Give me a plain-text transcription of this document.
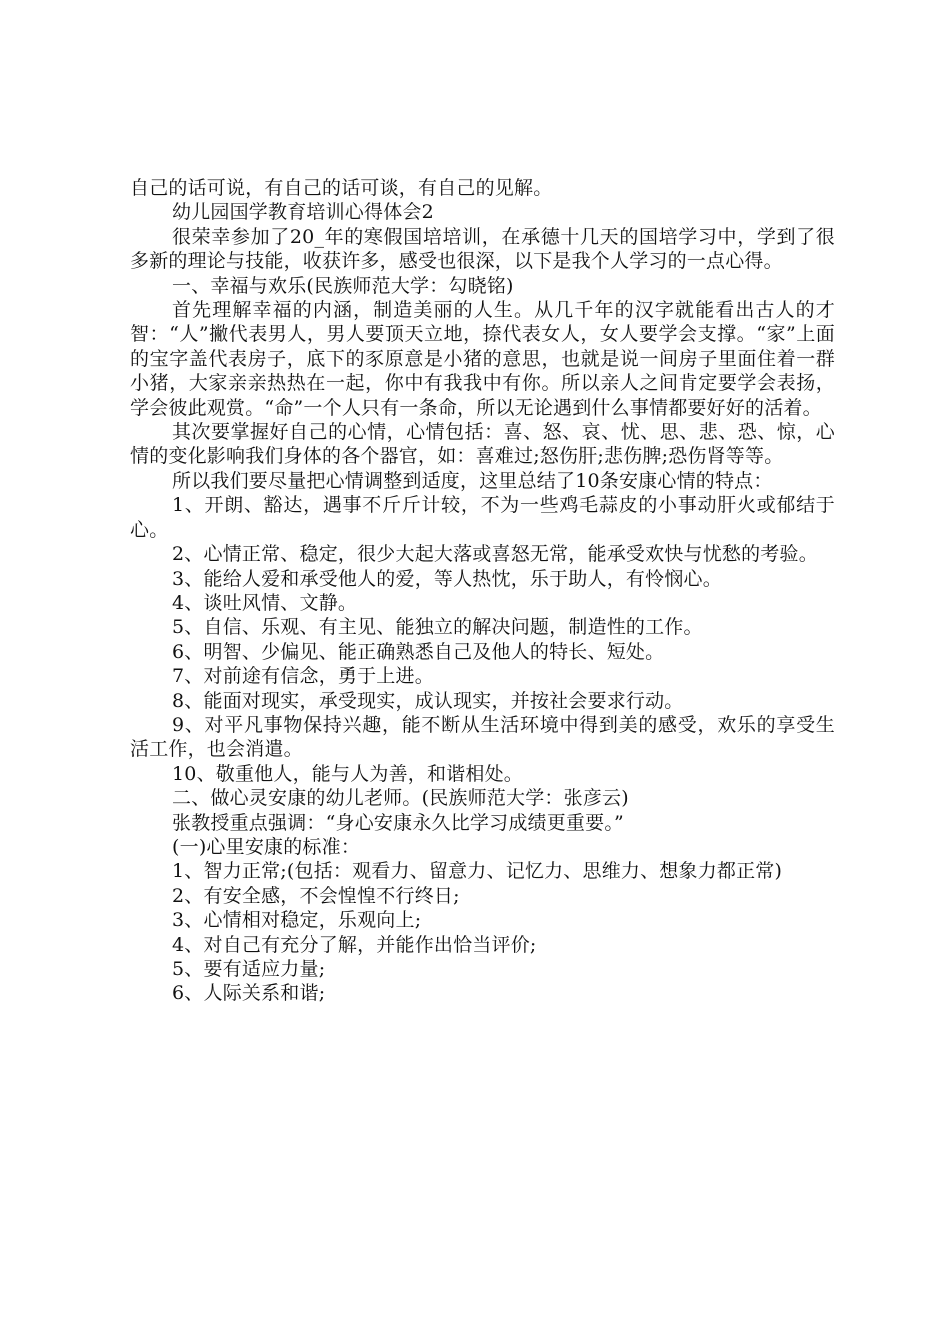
自己的话可说，有自己的话可谈，有自己的见解。

幼儿园国学教育培训心得体会2

很荣幸参加了20_年的寒假国培培训，在承德十几天的国培学习中，学到了很多新的理论与技能，收获许多，感受也很深，以下是我个人学习的一点心得。

一、幸福与欢乐(民族师范大学：勾晓铭)

首先理解幸福的内涵，制造美丽的人生。从几千年的汉字就能看出古人的才智：“人”撇代表男人，男人要顶天立地，捺代表女人，女人要学会支撑。“家”上面的宝字盖代表房子，底下的豕原意是小猪的意思，也就是说一间房子里面住着一群小猪，大家亲亲热热在一起，你中有我我中有你。所以亲人之间肯定要学会表扬，学会彼此观赏。“命”一个人只有一条命，所以无论遇到什么事情都要好好的活着。

其次要掌握好自己的心情，心情包括：喜、怒、哀、忧、思、悲、恐、惊，心情的变化影响我们身体的各个器官，如：喜难过;怒伤肝;悲伤脾;恐伤肾等等。

所以我们要尽量把心情调整到适度，这里总结了10条安康心情的特点：

1、开朗、豁达，遇事不斤斤计较，不为一些鸡毛蒜皮的小事动肝火或郁结于心。

2、心情正常、稳定，很少大起大落或喜怒无常，能承受欢快与忧愁的考验。

3、能给人爱和承受他人的爱，等人热忱，乐于助人，有怜悯心。

4、谈吐风情、文静。

5、自信、乐观、有主见、能独立的解决问题，制造性的工作。

6、明智、少偏见、能正确熟悉自己及他人的特长、短处。

7、对前途有信念，勇于上进。

8、能面对现实，承受现实，成认现实，并按社会要求行动。

9、对平凡事物保持兴趣，能不断从生活环境中得到美的感受，欢乐的享受生活工作，也会消遣。

10、敬重他人，能与人为善，和谐相处。

二、做心灵安康的幼儿老师。(民族师范大学：张彦云)

张教授重点强调：“身心安康永久比学习成绩更重要。”

(一)心里安康的标准：

1、智力正常;(包括：观看力、留意力、记忆力、思维力、想象力都正常)

2、有安全感，不会惶惶不行终日;

3、心情相对稳定，乐观向上;

4、对自己有充分了解，并能作出恰当评价;

5、要有适应力量;

6、人际关系和谐;
